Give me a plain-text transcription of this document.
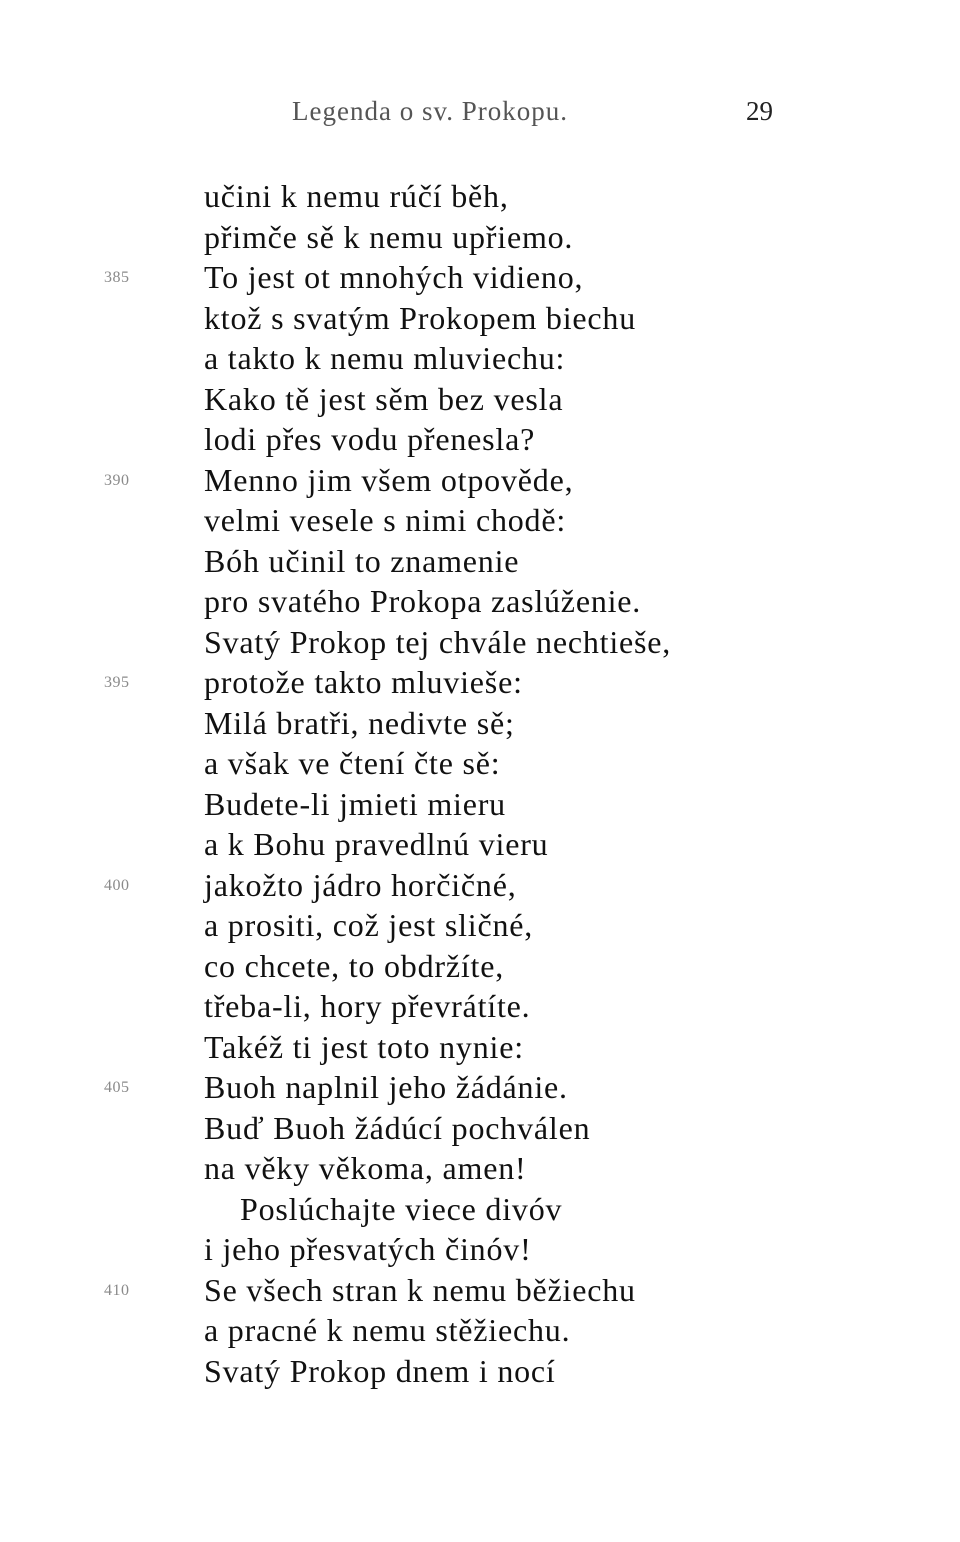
Legenda o sv. Prokopu.	29
učini k nemu rúčí běh,
přimče sě k nemu upřiemo.
385	To jest ot mnohých vidieno,
ktož s svatým Prokopem biechu
a takto k nemu mluviechu:
Kako tě jest sěm bez vesla
lodi přes vodu přenesla?
390	Menno jim všem otpověde,
velmi vesele s nimi chodě:
Bóh učinil to znamenie
pro svatého Prokopa zaslúženie.
Svatý Prokop tej chvále nechtieše,
395	protože takto mluvieše:
Milá bratři, nedivte sě;
a však ve čtení čte sě:
Budete-li jmieti mieru
a k Bohu pravedlnú vieru
400	jakožto jádro horčičné,
a prositi, což jest sličné,
co chcete, to obdržíte,
třeba-li, hory převrátíte.
Takéž ti jest toto nynie:
405	Buoh naplnil jeho žádánie.
Buď Buoh žádúcí pochválen
na věky věkoma, amen!
Poslúchajte viece divóv
i jeho přesvatých činóv!
410	Se všech stran k nemu běžiechu
a pracné k nemu stěžiechu.
Svatý Prokop dnem i nocí
